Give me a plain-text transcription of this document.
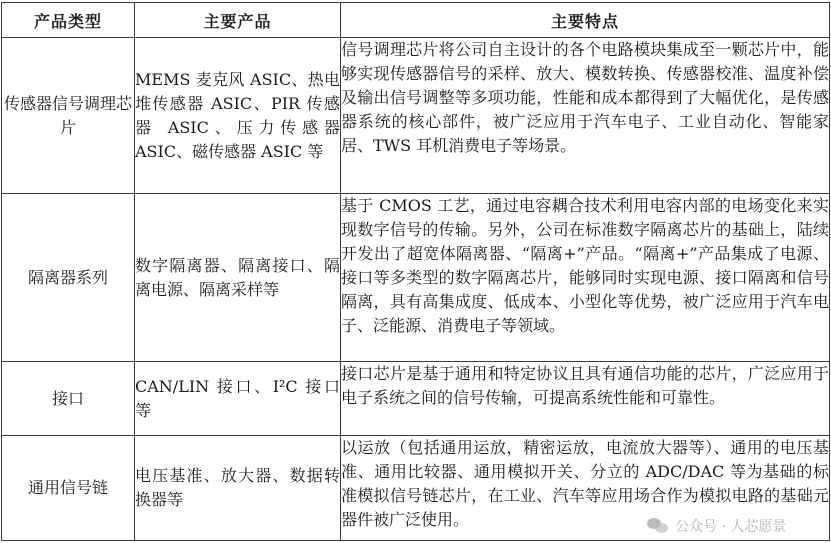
产品类型	主要产品	主要特点
传感器信号调理芯片	MEMS 麦克风 ASIC、热电堆传感器 ASIC、PIR 传感器 ASIC、压力传感器 ASIC、磁传感器 ASIC 等	信号调理芯片将公司自主设计的各个电路模块集成至一颗芯片中，能够实现传感器信号的采样、放大、模数转换、传感器校准、温度补偿及输出信号调整等多项功能，性能和成本都得到了大幅优化，是传感器系统的核心部件，被广泛应用于汽车电子、工业自动化、智能家居、TWS 耳机消费电子等场景。
隔离器系列	数字隔离器、隔离接口、隔离电源、隔离采样等	基于 CMOS 工艺，通过电容耦合技术利用电容内部的电场变化来实现数字信号的传输。另外，公司在标准数字隔离芯片的基础上，陆续开发出了超宽体隔离器、“隔离+”产品。“隔离+”产品集成了电源、接口等多类型的数字隔离芯片，能够同时实现电源、接口隔离和信号隔离，具有高集成度、低成本、小型化等优势，被广泛应用于汽车电子、泛能源、消费电子等领域。
接口	CAN/LIN 接口、I²C 接口等	接口芯片是基于通用和特定协议且具有通信功能的芯片，广泛应用于电子系统之间的信号传输，可提高系统性能和可靠性。
通用信号链	电压基准、放大器、数据转换器等	以运放（包括通用运放，精密运放，电流放大器等）、通用的电压基准、通用比较器、通用模拟开关、分立的 ADC/DAC 等为基础的标准模拟信号链芯片，在工业、汽车等应用场合作为模拟电路的基础元器件被广泛使用。	公众号 · 人芯愿景
